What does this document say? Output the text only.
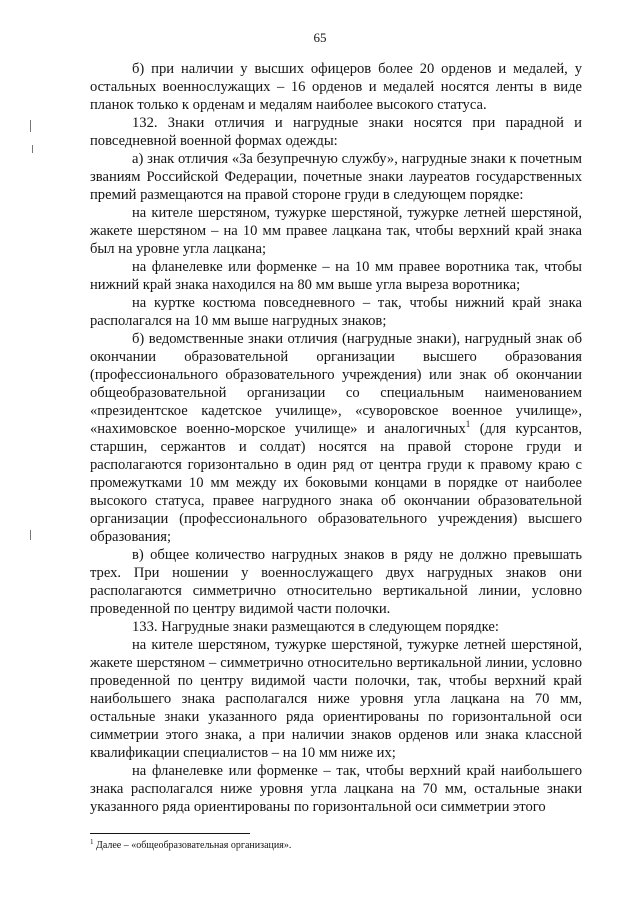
65

б) при наличии у высших офицеров более 20 орденов и медалей, у остальных военнослужащих – 16 орденов и медалей носятся ленты в виде планок только к орденам и медалям наиболее высокого статуса.

132. Знаки отличия и нагрудные знаки носятся при парадной и повседневной военной формах одежды:

а) знак отличия «За безупречную службу», нагрудные знаки к почетным званиям Российской Федерации, почетные знаки лауреатов государственных премий размещаются на правой стороне груди в следующем порядке:

на кителе шерстяном, тужурке шерстяной, тужурке летней шерстяной, жакете шерстяном – на 10 мм правее лацкана так, чтобы верхний край знака был на уровне угла лацкана;

на фланелевке или форменке – на 10 мм правее воротника так, чтобы нижний край знака находился на 80 мм выше угла выреза воротника;

на куртке костюма повседневного – так, чтобы нижний край знака располагался на 10 мм выше нагрудных знаков;

б) ведомственные знаки отличия (нагрудные знаки), нагрудный знак об окончании образовательной организации высшего образования (профессионального образовательного учреждения) или знак об окончании общеобразовательной организации со специальным наименованием «президентское кадетское училище», «суворовское военное училище», «нахимовское военно-морское училище» и аналогичных$^1$ (для курсантов, старшин, сержантов и солдат) носятся на правой стороне груди и располагаются горизонтально в один ряд от центра груди к правому краю с промежутками 10 мм между их боковыми концами в порядке от наиболее высокого статуса, правее нагрудного знака об окончании образовательной организации (профессионального образовательного учреждения) высшего образования;

в) общее количество нагрудных знаков в ряду не должно превышать трех. При ношении у военнослужащего двух нагрудных знаков они располагаются симметрично относительно вертикальной линии, условно проведенной по центру видимой части полочки.

133. Нагрудные знаки размещаются в следующем порядке:

на кителе шерстяном, тужурке шерстяной, тужурке летней шерстяной, жакете шерстяном – симметрично относительно вертикальной линии, условно проведенной по центру видимой части полочки, так, чтобы верхний край наибольшего знака располагался ниже уровня угла лацкана на 70 мм, остальные знаки указанного ряда ориентированы по горизонтальной оси симметрии этого знака, а при наличии знаков орденов или знака классной квалификации специалистов – на 10 мм ниже их;

на фланелевке или форменке – так, чтобы верхний край наибольшего знака располагался ниже уровня угла лацкана на 70 мм, остальные знаки указанного ряда ориентированы по горизонтальной оси симметрии этого

$^1$ Далее – «общеобразовательная организация».
